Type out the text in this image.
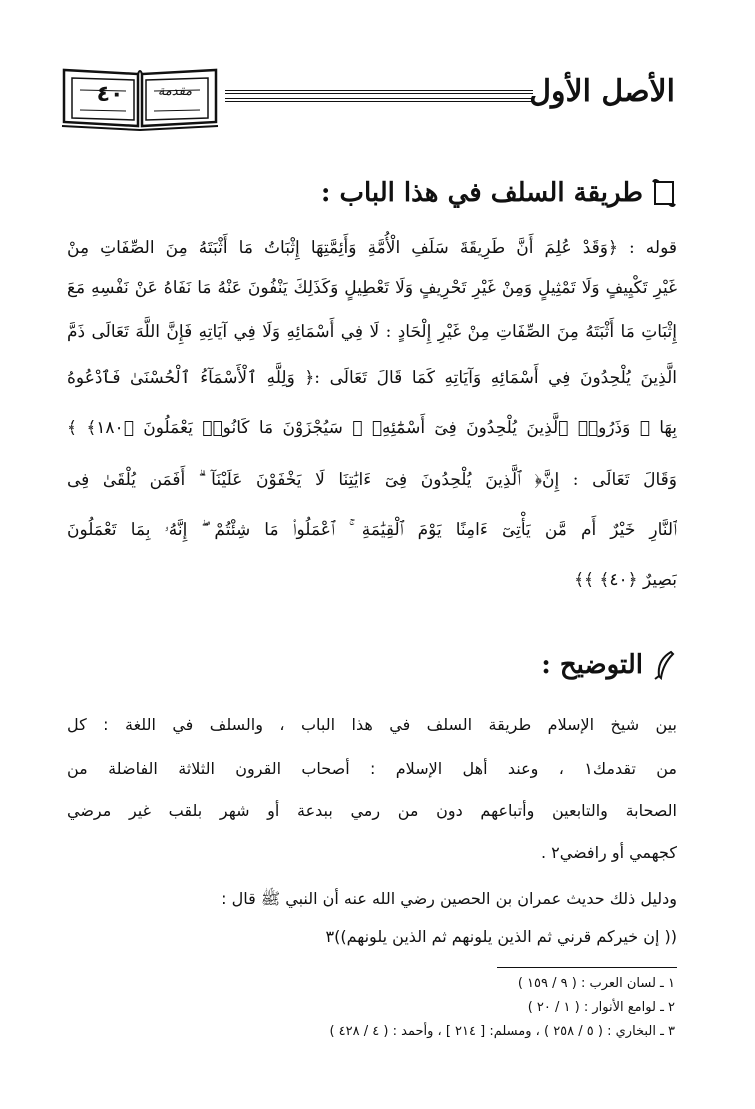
٤٠	مقدمة	الأصل الأول
طريقة السلف في هذا الباب :
قوله : ﴿وَقَدْ عُلِمَ أَنَّ طَرِيقَةَ سَلَفِ الْأُمَّةِ وَأَئِمَّتِهَا إِثْبَاتُ مَا أَثْبَتَهُ مِنَ الصِّفَاتِ مِنْ
غَيْرِ تَكْيِيفٍ وَلَا تَمْثِيلٍ وَمِنْ غَيْرِ تَحْرِيفٍ وَلَا تَعْطِيلٍ وَكَذَلِكَ يَنْفُونَ عَنْهُ مَا نَفَاهُ عَنْ نَفْسِهِ مَعَ
إِثْبَاتِ مَا أَثْبَتَهُ مِنَ الصِّفَاتِ مِنْ غَيْرِ إِلْحَادٍ : لَا فِي أَسْمَائِهِ وَلَا فِي آيَاتِهِ فَإِنَّ اللَّهَ تَعَالَى ذَمَّ
الَّذِينَ يُلْحِدُونَ فِي أَسْمَائِهِ وَآيَاتِهِ كَمَا قَالَ تَعَالَى :﴿ وَلِلَّهِ ٱلْأَسْمَآءُ ٱلْحُسْنَىٰ فَٱدْعُوهُ
بِهَا ۖ وَذَرُوا۟ ٱلَّذِينَ يُلْحِدُونَ فِىٓ أَسْمَٰٓئِهِۦ ۚ سَيُجْزَوْنَ مَا كَانُوا۟ يَعْمَلُونَ ﴿١٨٠﴾ ﴾
وَقَالَ تَعَالَى : إِنَّ﴿ ٱلَّذِينَ يُلْحِدُونَ فِىٓ ءَايَٰتِنَا لَا يَخْفَوْنَ عَلَيْنَآ ۗ أَفَمَن يُلْقَىٰ فِى
ٱلنَّارِ خَيْرٌ أَم مَّن يَأْتِىٓ ءَامِنًا يَوْمَ ٱلْقِيَٰمَةِ ۚ ٱعْمَلُوا۟ مَا شِئْتُمْ ۖ إِنَّهُۥ بِمَا تَعْمَلُونَ
بَصِيرٌ ﴿٤٠﴾ ﴾﴾
التوضيح :
بين شيخ الإسلام طريقة السلف في هذا الباب ، والسلف في اللغة : كل
من تقدمك١ ، وعند أهل الإسلام : أصحاب القرون الثلاثة الفاضلة من
الصحابة والتابعين وأتباعهم دون من رمي ببدعة أو شهر بلقب غير مرضي
كجهمي أو رافضي٢ .
ودليل ذلك حديث عمران بن الحصين رضي الله عنه أن النبي ﷺ قال :
(( إن خيركم قرني ثم الذين يلونهم ثم الذين يلونهم))٣
١ ـ لسان العرب : ( ٩ / ١٥٩ )
٢ ـ لوامع الأنوار : ( ١ / ٢٠ )
٣ ـ البخاري : ( ٥ / ٢٥٨ ) ، ومسلم: [ ٢١٤ ] ، وأحمد : ( ٤ / ٤٢٨ )
